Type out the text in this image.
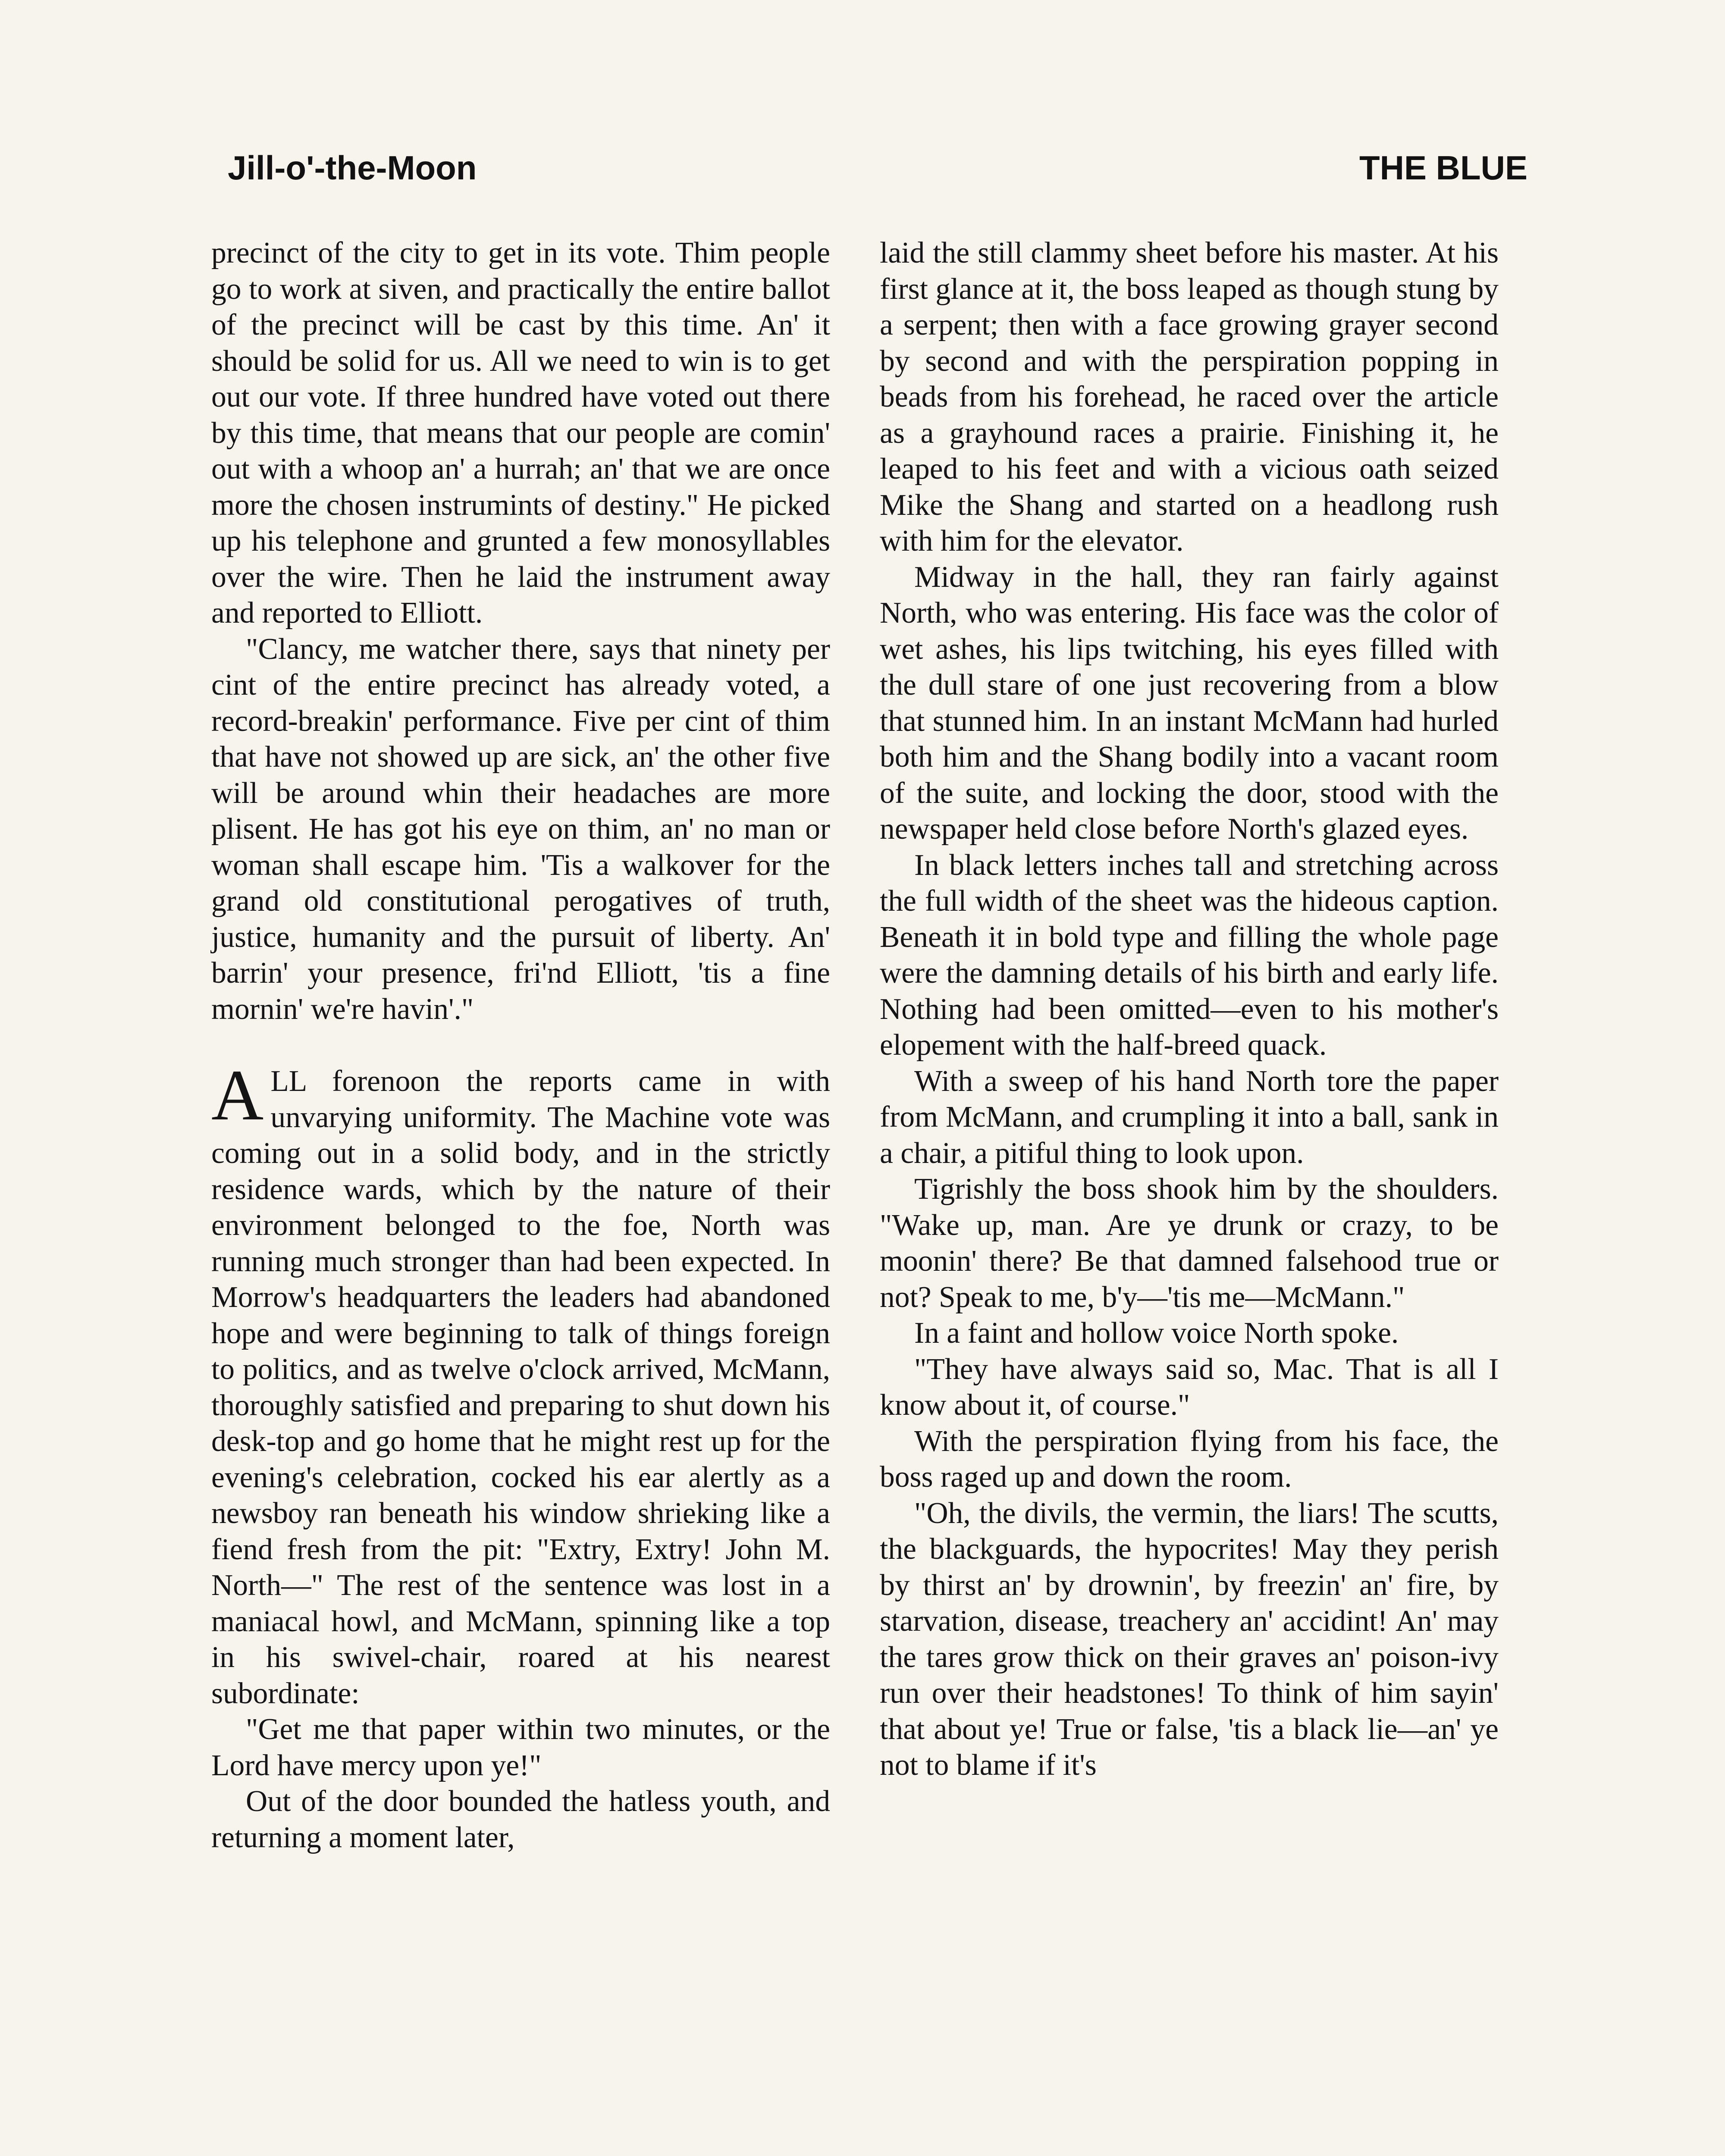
Jill-o'-the-Moon	THE BLUE

precinct of the city to get in its vote. Thim people go to work at siven, and practically the entire ballot of the precinct will be cast by this time. An' it should be solid for us. All we need to win is to get out our vote. If three hundred have voted out there by this time, that means that our people are comin' out with a whoop an' a hurrah; an' that we are once more the chosen instrumints of destiny." He picked up his telephone and grunted a few monosyllables over the wire. Then he laid the instrument away and reported to Elliott.

"Clancy, me watcher there, says that ninety per cint of the entire precinct has already voted, a record-breakin' performance. Five per cint of thim that have not showed up are sick, an' the other five will be around whin their headaches are more plisent. He has got his eye on thim, an' no man or woman shall escape him. 'Tis a walkover for the grand old constitutional perogatives of truth, justice, humanity and the pursuit of liberty. An' barrin' your presence, fri'nd Elliott, 'tis a fine mornin' we're havin'."

ALL forenoon the reports came in with unvarying uniformity. The Machine vote was coming out in a solid body, and in the strictly residence wards, which by the nature of their environment belonged to the foe, North was running much stronger than had been expected. In Morrow's headquarters the leaders had abandoned hope and were beginning to talk of things foreign to politics, and as twelve o'clock arrived, McMann, thoroughly satisfied and preparing to shut down his desk-top and go home that he might rest up for the evening's celebration, cocked his ear alertly as a newsboy ran beneath his window shrieking like a fiend fresh from the pit: "Extry, Extry! John M. North—" The rest of the sentence was lost in a maniacal howl, and McMann, spinning like a top in his swivel-chair, roared at his nearest subordinate:

"Get me that paper within two minutes, or the Lord have mercy upon ye!"

Out of the door bounded the hatless youth, and returning a moment later,

laid the still clammy sheet before his master. At his first glance at it, the boss leaped as though stung by a serpent; then with a face growing grayer second by second and with the perspiration popping in beads from his forehead, he raced over the article as a grayhound races a prairie. Finishing it, he leaped to his feet and with a vicious oath seized Mike the Shang and started on a headlong rush with him for the elevator.

Midway in the hall, they ran fairly against North, who was entering. His face was the color of wet ashes, his lips twitching, his eyes filled with the dull stare of one just recovering from a blow that stunned him. In an instant McMann had hurled both him and the Shang bodily into a vacant room of the suite, and locking the door, stood with the newspaper held close before North's glazed eyes.

In black letters inches tall and stretching across the full width of the sheet was the hideous caption. Beneath it in bold type and filling the whole page were the damning details of his birth and early life. Nothing had been omitted—even to his mother's elopement with the half-breed quack.

With a sweep of his hand North tore the paper from McMann, and crumpling it into a ball, sank in a chair, a pitiful thing to look upon.

Tigrishly the boss shook him by the shoulders. "Wake up, man. Are ye drunk or crazy, to be moonin' there? Be that damned falsehood true or not? Speak to me, b'y—'tis me—McMann."

In a faint and hollow voice North spoke.

"They have always said so, Mac. That is all I know about it, of course."

With the perspiration flying from his face, the boss raged up and down the room.

"Oh, the divils, the vermin, the liars! The scutts, the blackguards, the hypocrites! May they perish by thirst an' by drownin', by freezin' an' fire, by starvation, disease, treachery an' accidint! An' may the tares grow thick on their graves an' poison-ivy run over their headstones! To think of him sayin' that about ye! True or false, 'tis a black lie—an' ye not to blame if it's
